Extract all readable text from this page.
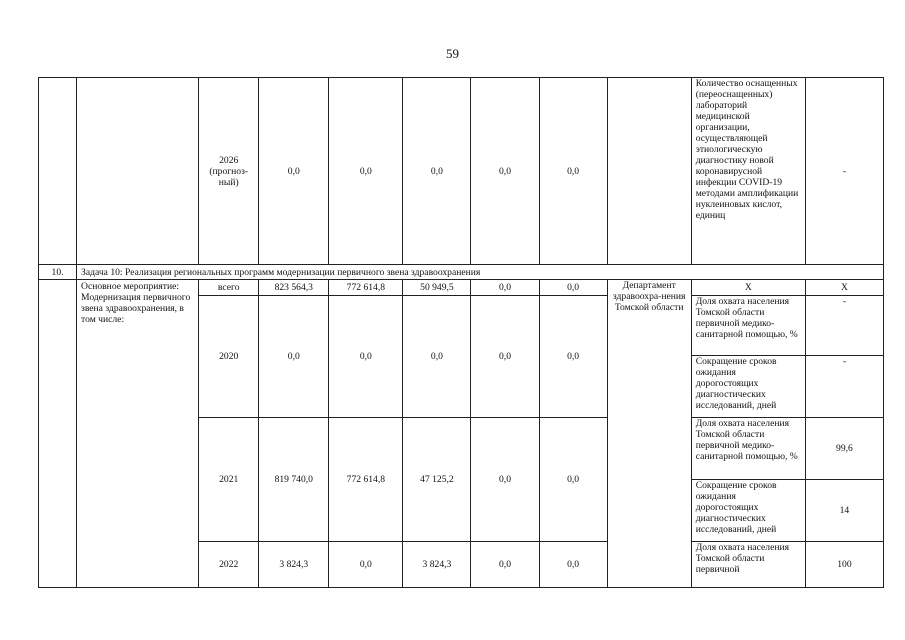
59
		2026 (прогноз-ный)	0,0	0,0	0,0	0,0	0,0		Количество оснащенных (переоснащенных) лабораторий медицинской организации, осуществляющей этиологическую диагностику новой коронавирусной инфекции COVID-19 методами амплификации нуклеиновых кислот, единиц	-
10.	Задача 10: Реализация региональных программ модернизации первичного звена здравоохранения									
	Основное мероприятие: Модернизация первичного звена здравоохранения, в том числе:	всего	823 564,3	772 614,8	50 949,5	0,0	0,0	Департамент здравоохра-нения Томской области	Х	Х
		2020	0,0	0,0	0,0	0,0	0,0		Доля охвата населения Томской области первичной медико-санитарной помощью, %	-
									Сокращение сроков ожидания дорогостоящих диагностических исследований, дней	-
		2021	819 740,0	772 614,8	47 125,2	0,0	0,0		Доля охвата населения Томской области первичной медико-санитарной помощью, %	99,6
									Сокращение сроков ожидания дорогостоящих диагностических исследований, дней	14
		2022	3 824,3	0,0	3 824,3	0,0	0,0		Доля охвата населения Томской области первичной	100
